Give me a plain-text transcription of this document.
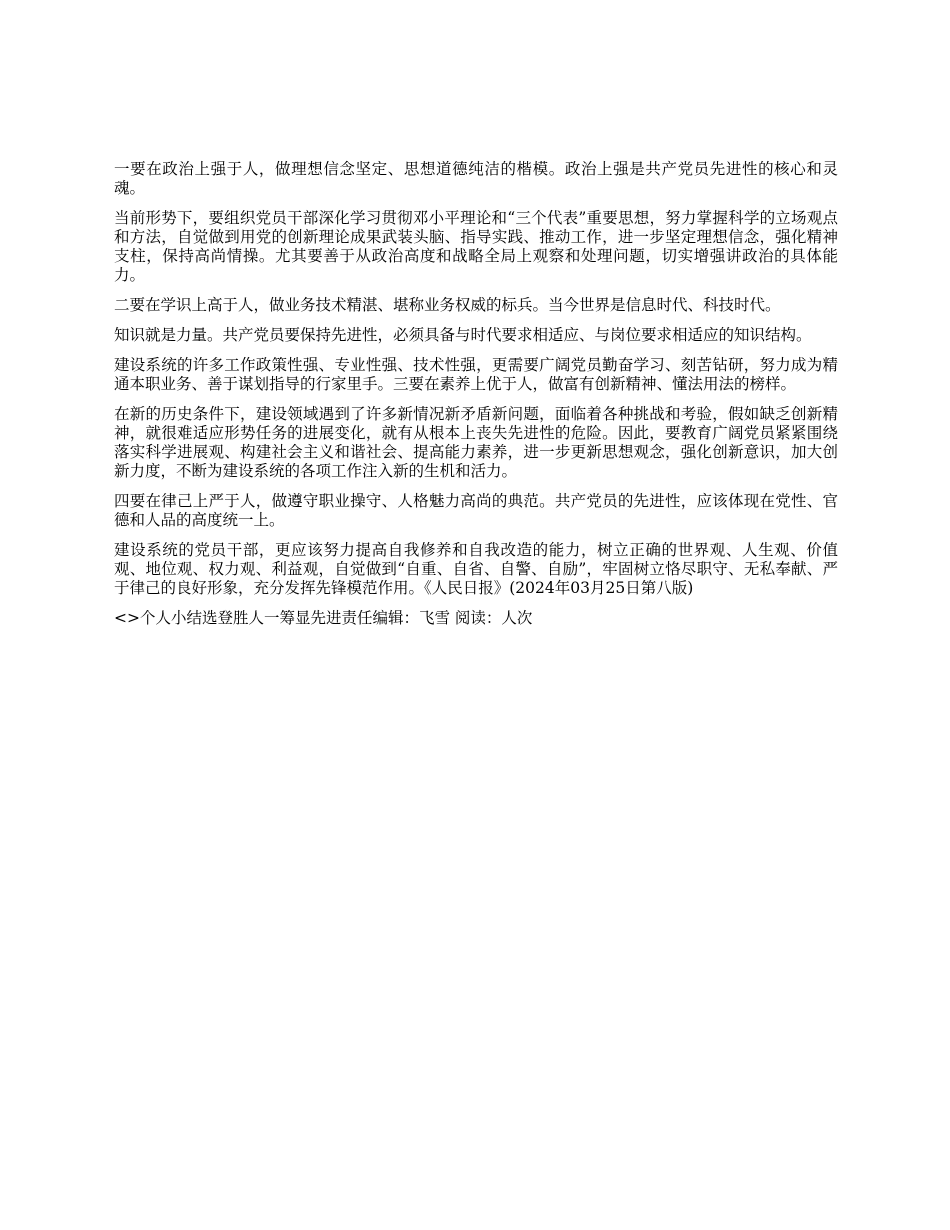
一要在政治上强于人，做理想信念坚定、思想道德纯洁的楷模。政治上强是共产党员先进性的核心和灵魂。

当前形势下，要组织党员干部深化学习贯彻邓小平理论和“三个代表”重要思想，努力掌握科学的立场观点和方法，自觉做到用党的创新理论成果武装头脑、指导实践、推动工作，进一步坚定理想信念，强化精神支柱，保持高尚情操。尤其要善于从政治高度和战略全局上观察和处理问题，切实增强讲政治的具体能力。

二要在学识上高于人，做业务技术精湛、堪称业务权威的标兵。当今世界是信息时代、科技时代。

知识就是力量。共产党员要保持先进性，必须具备与时代要求相适应、与岗位要求相适应的知识结构。

建设系统的许多工作政策性强、专业性强、技术性强，更需要广阔党员勤奋学习、刻苦钻研，努力成为精通本职业务、善于谋划指导的行家里手。三要在素养上优于人，做富有创新精神、懂法用法的榜样。

在新的历史条件下，建设领域遇到了许多新情况新矛盾新问题，面临着各种挑战和考验，假如缺乏创新精神，就很难适应形势任务的进展变化，就有从根本上丧失先进性的危险。因此，要教育广阔党员紧紧围绕落实科学进展观、构建社会主义和谐社会、提高能力素养，进一步更新思想观念，强化创新意识，加大创新力度，不断为建设系统的各项工作注入新的生机和活力。

四要在律己上严于人，做遵守职业操守、人格魅力高尚的典范。共产党员的先进性，应该体现在党性、官德和人品的高度统一上。

建设系统的党员干部，更应该努力提高自我修养和自我改造的能力，树立正确的世界观、人生观、价值观、地位观、权力观、利益观，自觉做到“自重、自省、自警、自励”，牢固树立恪尽职守、无私奉献、严于律己的良好形象，充分发挥先锋模范作用。《人民日报》(2024年03月25日第八版)

<>个人小结选登胜人一筹显先进责任编辑：飞雪 阅读：人次
